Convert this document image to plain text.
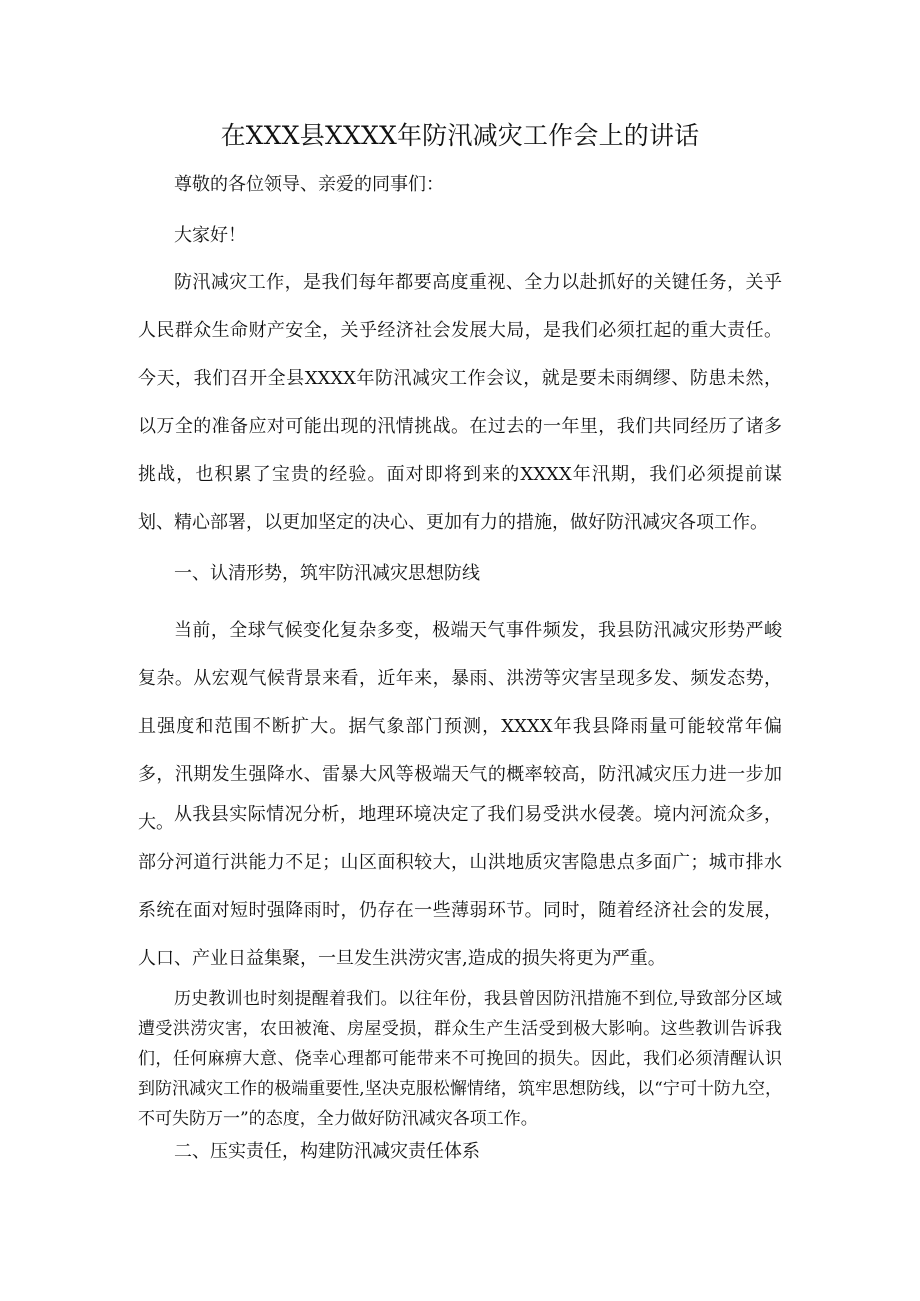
在XXX县XXXX年防汛减灾工作会上的讲话

尊敬的各位领导、亲爱的同事们：

大家好！

防汛减灾工作，是我们每年都要高度重视、全力以赴抓好的关键任务，关乎人民群众生命财产安全，关乎经济社会发展大局，是我们必须扛起的重大责任。今天，我们召开全县XXXX年防汛减灾工作会议，就是要未雨绸缪、防患未然，以万全的准备应对可能出现的汛情挑战。在过去的一年里，我们共同经历了诸多挑战，也积累了宝贵的经验。面对即将到来的XXXX年汛期，我们必须提前谋划、精心部署，以更加坚定的决心、更加有力的措施，做好防汛减灾各项工作。

一、认清形势，筑牢防汛减灾思想防线

当前，全球气候变化复杂多变，极端天气事件频发，我县防汛减灾形势严峻复杂。从宏观气候背景来看，近年来，暴雨、洪涝等灾害呈现多发、频发态势，且强度和范围不断扩大。据气象部门预测，XXXX年我县降雨量可能较常年偏多，汛期发生强降水、雷暴大风等极端天气的概率较高，防汛减灾压力进一步加大。 从我县实际情况分析，地理环境决定了我们易受洪水侵袭。境内河流众多，部分河道行洪能力不足；山区面积较大，山洪地质灾害隐患点多面广；城市排水系统在面对短时强降雨时，仍存在一些薄弱环节。同时，随着经济社会的发展，人口、产业日益集聚，一旦发生洪涝灾害,造成的损失将更为严重。

历史教训也时刻提醒着我们。以往年份，我县曾因防汛措施不到位,导致部分区域遭受洪涝灾害，农田被淹、房屋受损，群众生产生活受到极大影响。这些教训告诉我们，任何麻痹大意、侥幸心理都可能带来不可挽回的损失。因此，我们必须清醒认识到防汛减灾工作的极端重要性,坚决克服松懈情绪，筑牢思想防线，以“宁可十防九空，不可失防万一”的态度，全力做好防汛减灾各项工作。

二、压实责任，构建防汛减灾责任体系
